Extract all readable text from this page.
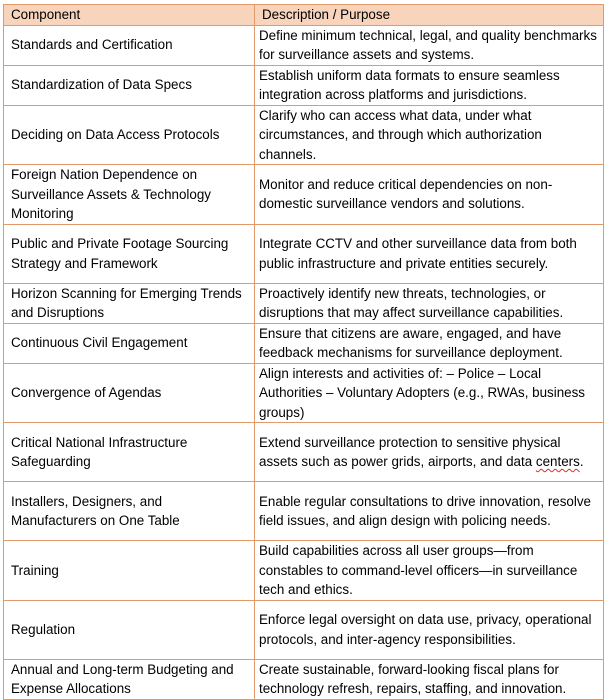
Component	Description / Purpose
Standards and Certification	Define minimum technical, legal, and quality benchmarks for surveillance assets and systems.
Standardization of Data Specs	Establish uniform data formats to ensure seamless integration across platforms and jurisdictions.
Deciding on Data Access Protocols	Clarify who can access what data, under what circumstances, and through which authorization channels.
Foreign Nation Dependence on Surveillance Assets & Technology Monitoring	Monitor and reduce critical dependencies on non-domestic surveillance vendors and solutions.
Public and Private Footage Sourcing Strategy and Framework	Integrate CCTV and other surveillance data from both public infrastructure and private entities securely.
Horizon Scanning for Emerging Trends and Disruptions	Proactively identify new threats, technologies, or disruptions that may affect surveillance capabilities.
Continuous Civil Engagement	Ensure that citizens are aware, engaged, and have feedback mechanisms for surveillance deployment.
Convergence of Agendas	Align interests and activities of: – Police – Local Authorities – Voluntary Adopters (e.g., RWAs, business groups)
Critical National Infrastructure Safeguarding	Extend surveillance protection to sensitive physical assets such as power grids, airports, and data centers.
Installers, Designers, and Manufacturers on One Table	Enable regular consultations to drive innovation, resolve field issues, and align design with policing needs.
Training	Build capabilities across all user groups—from constables to command-level officers—in surveillance tech and ethics.
Regulation	Enforce legal oversight on data use, privacy, operational protocols, and inter-agency responsibilities.
Annual and Long-term Budgeting and Expense Allocations	Create sustainable, forward-looking fiscal plans for technology refresh, repairs, staffing, and innovation.
